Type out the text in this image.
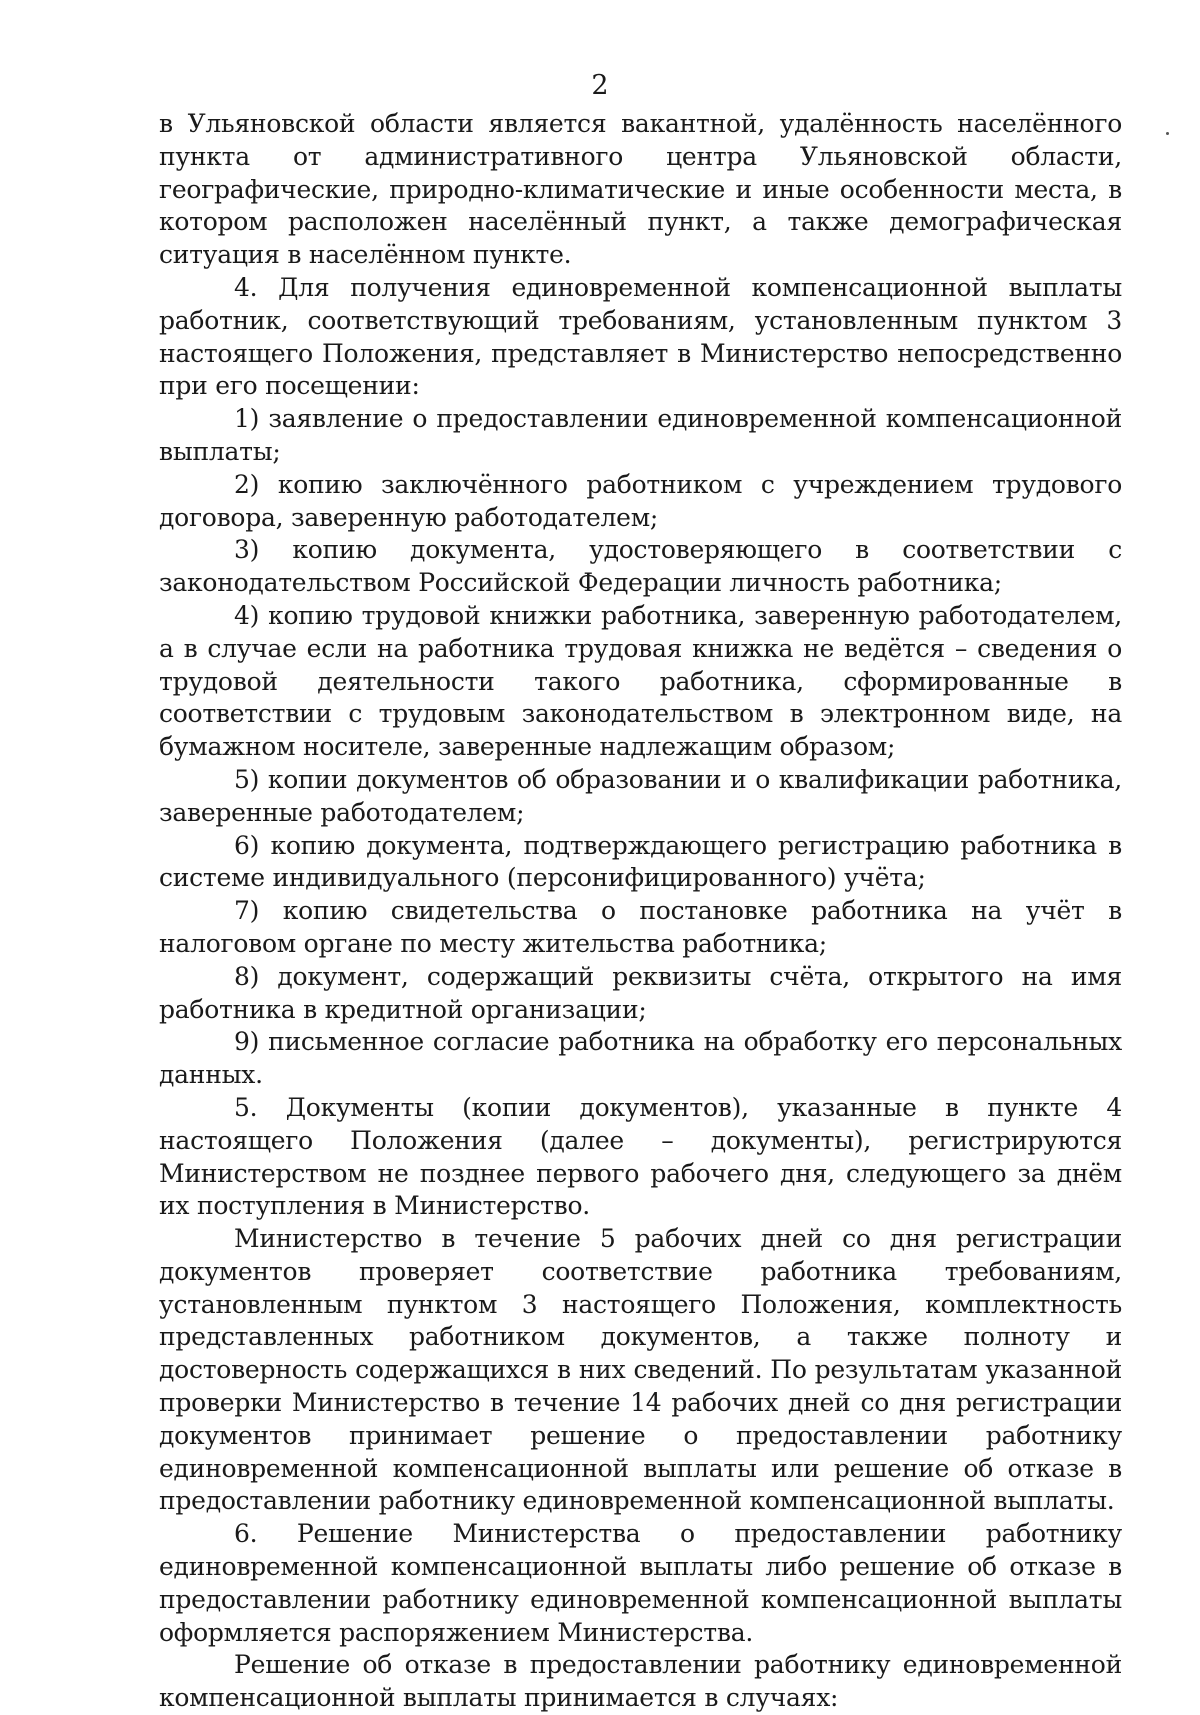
2

в Ульяновской области является вакантной, удалённость населённого пункта от административного центра Ульяновской области, географические, природно-климатические и иные особенности места, в котором расположен населённый пункт, а также демографическая ситуация в населённом пункте.

4. Для получения единовременной компенсационной выплаты работник, соответствующий требованиям, установленным пунктом 3 настоящего Положения, представляет в Министерство непосредственно при его посещении:

1) заявление о предоставлении единовременной компенсационной выплаты;

2) копию заключённого работником с учреждением трудового договора, заверенную работодателем;

3) копию документа, удостоверяющего в соответствии с законодательством Российской Федерации личность работника;

4) копию трудовой книжки работника, заверенную работодателем, а в случае если на работника трудовая книжка не ведётся – сведения о трудовой деятельности такого работника, сформированные в соответствии с трудовым законодательством в электронном виде, на бумажном носителе, заверенные надлежащим образом;

5) копии документов об образовании и о квалификации работника, заверенные работодателем;

6) копию документа, подтверждающего регистрацию работника в системе индивидуального (персонифицированного) учёта;

7) копию свидетельства о постановке работника на учёт в налоговом органе по месту жительства работника;

8) документ, содержащий реквизиты счёта, открытого на имя работника в кредитной организации;

9) письменное согласие работника на обработку его персональных данных.

5. Документы (копии документов), указанные в пункте 4 настоящего Положения (далее – документы), регистрируются Министерством не позднее первого рабочего дня, следующего за днём их поступления в Министерство.

Министерство в течение 5 рабочих дней со дня регистрации документов проверяет соответствие работника требованиям, установленным пунктом 3 настоящего Положения, комплектность представленных работником документов, а также полноту и достоверность содержащихся в них сведений. По результатам указанной проверки Министерство в течение 14 рабочих дней со дня регистрации документов принимает решение о предоставлении работнику единовременной компенсационной выплаты или решение об отказе в предоставлении работнику единовременной компенсационной выплаты.

6. Решение Министерства о предоставлении работнику единовременной компенсационной выплаты либо решение об отказе в предоставлении работнику единовременной компенсационной выплаты оформляется распоряжением Министерства.

Решение об отказе в предоставлении работнику единовременной компенсационной выплаты принимается в случаях:
